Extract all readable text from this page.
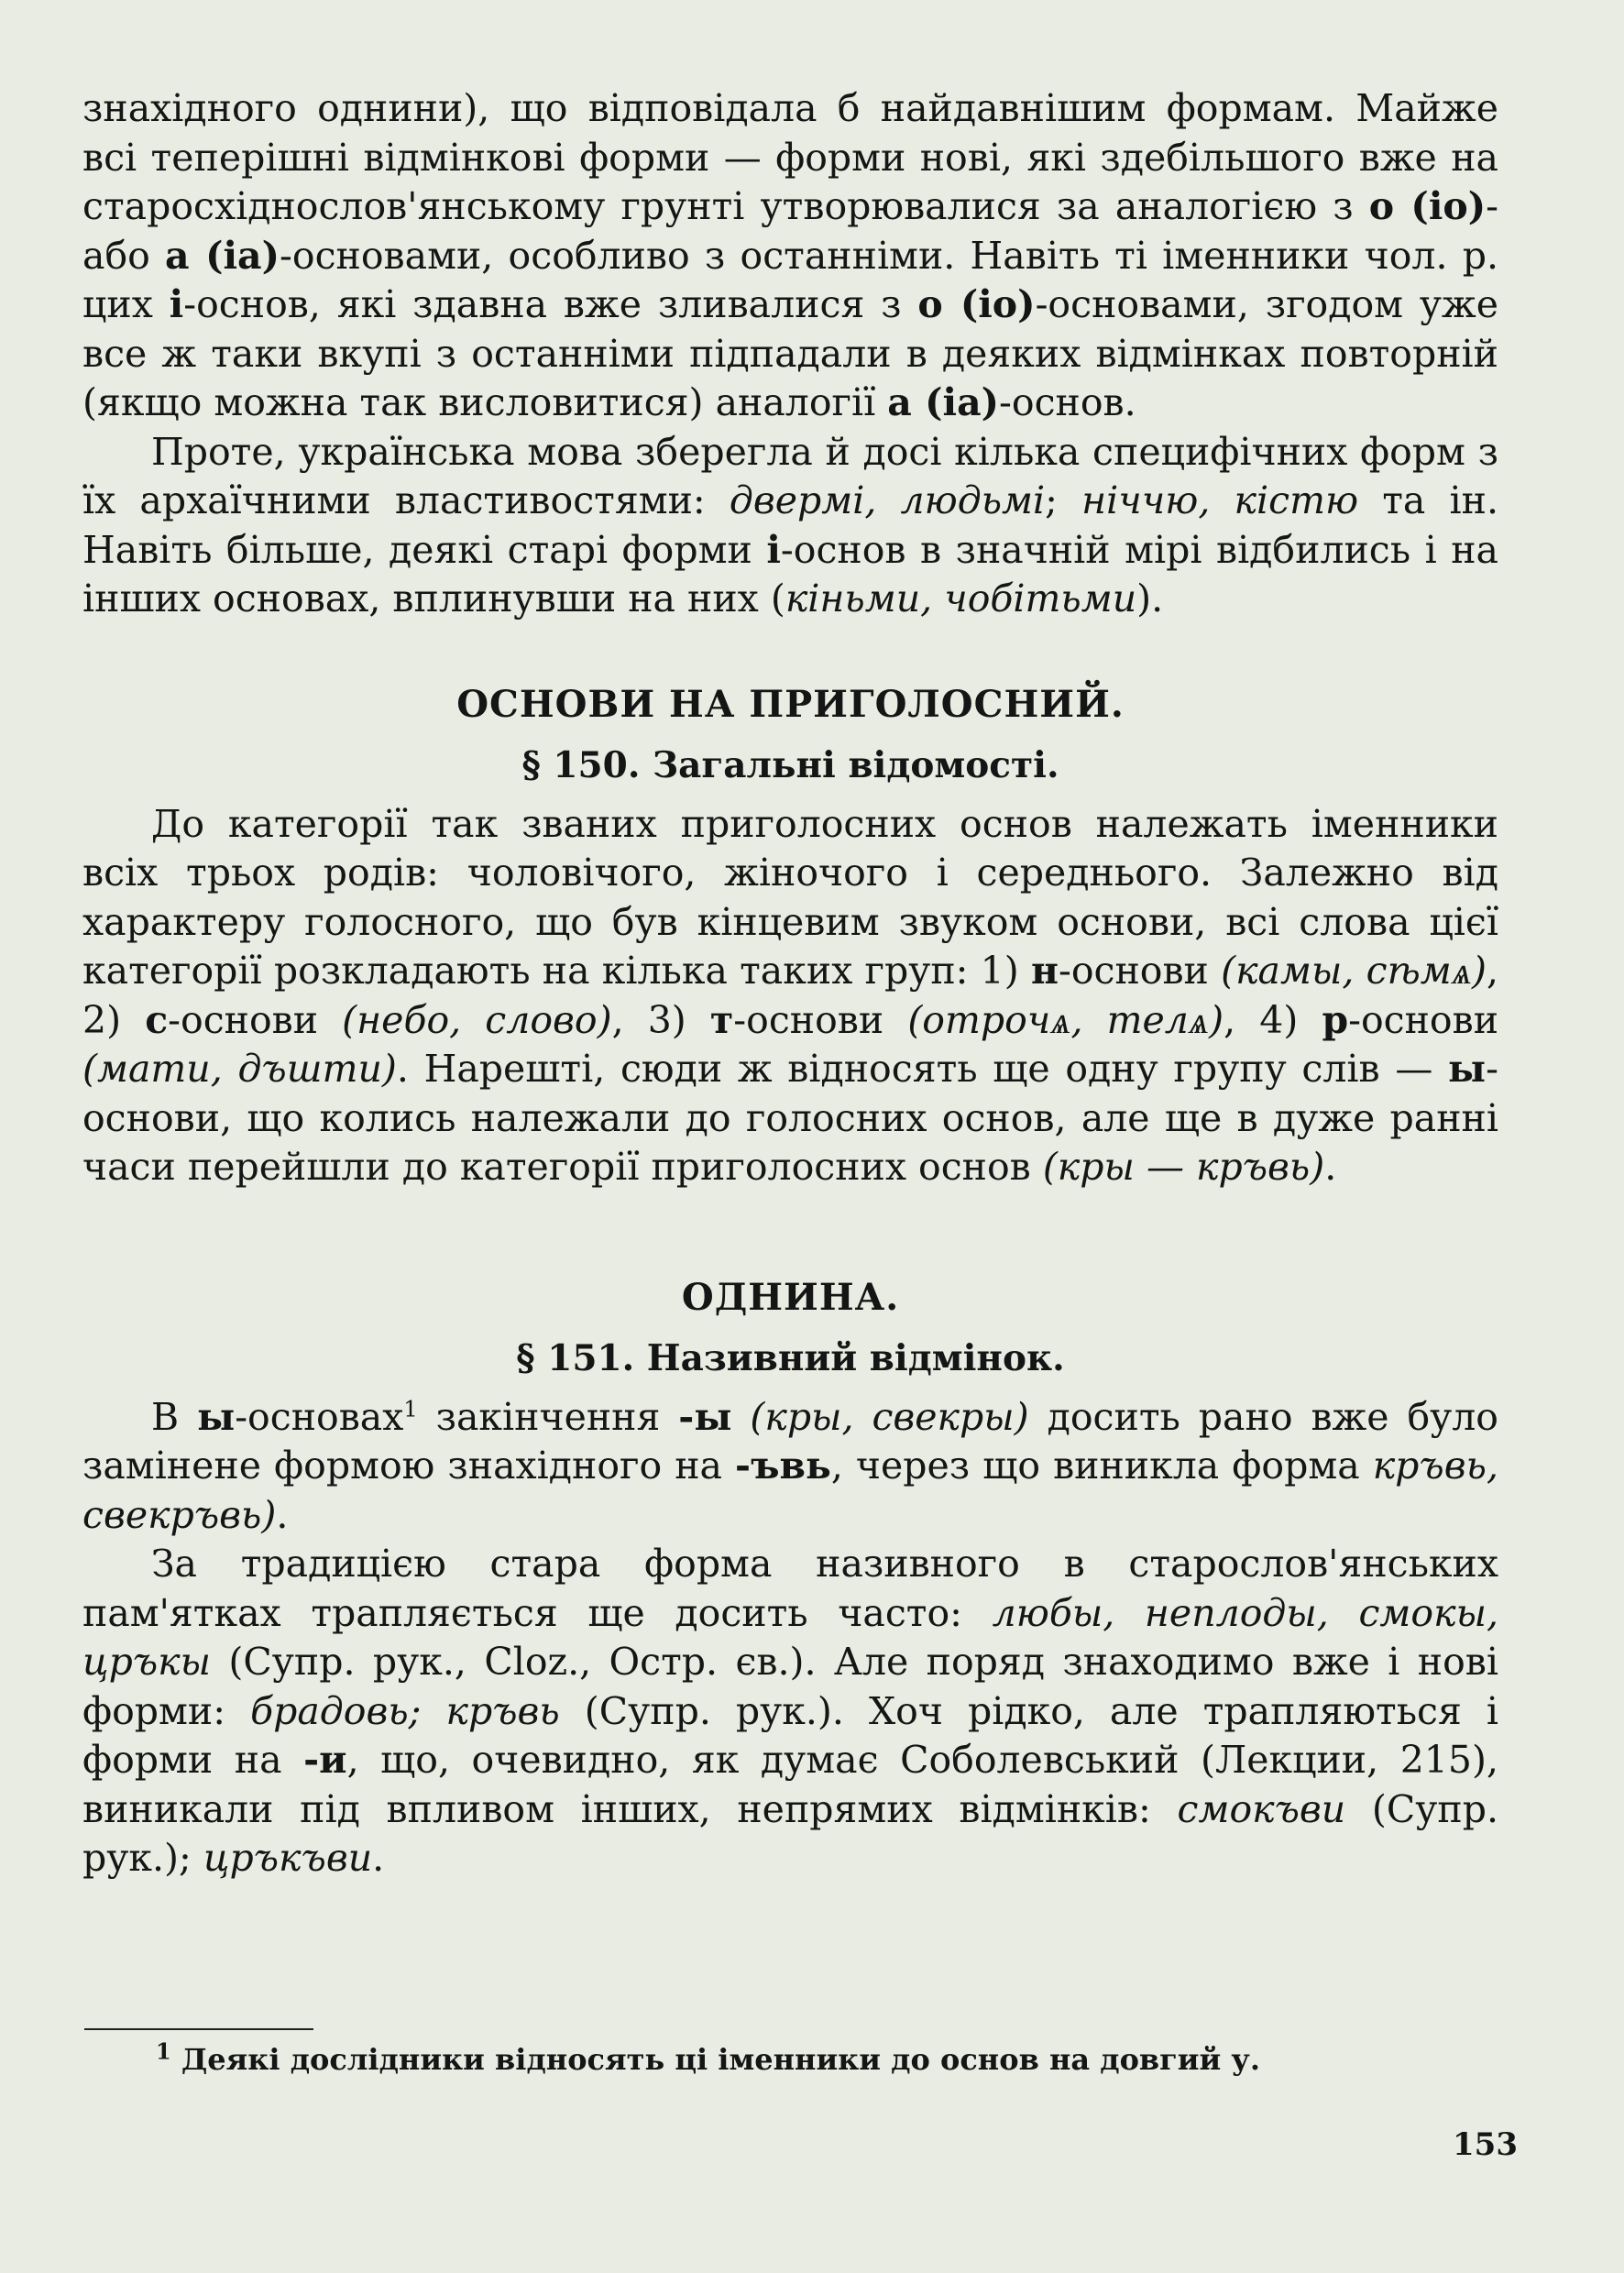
знахідного однини), що відповідала б найдавнішим формам. Майже всі теперішні відмінкові форми — форми нові, які здебільшого вже на старосхіднослов'янському грунті утворювалися за аналогією з о (іо)- або а (іа)-основами, особливо з останніми. Навіть ті іменники чол. р. цих і-основ, які здавна вже зливалися з о (іо)-основами, згодом уже все ж таки вкупі з останніми підпадали в деяких відмінках повторній (якщо можна так висловитися) аналогії а (іа)-основ.

Проте, українська мова зберегла й досі кілька специфічних форм з їх архаїчними властивостями: двермі, людьмі; ніччю, кістю та ін. Навіть більше, деякі старі форми і-основ в значній мірі відбились і на інших основах, вплинувши на них (кіньми, чобітьми).

ОСНОВИ НА ПРИГОЛОСНИЙ.
§ 150. Загальні відомості.

До категорії так званих приголосних основ належать іменники всіх трьох родів: чоловічого, жіночого і середнього. Залежно від характеру голосного, що був кінцевим звуком основи, всі слова цієї категорії розкладають на кілька таких груп: 1) н-основи (камы, сѣмѧ), 2) с-основи (небо, слово), 3) т-основи (отрочѧ, телѧ), 4) р-основи (мати, дъшти). Нарешті, сюди ж відносять ще одну групу слів — ы-основи, що колись належали до голосних основ, але ще в дуже ранні часи перейшли до категорії приголосних основ (кры — кръвь).

ОДНИНА.
§ 151. Називний відмінок.

В ы-основах$^1$ закінчення -ы (кры, свекры) досить рано вже було замінене формою знахідного на -ъвь, через що виникла форма кръвь, свекръвь).

За традицією стара форма називного в старослов'янських пам'ятках трапляється ще досить часто: любы, неплоды, смокы, цръкы (Супр. рук., Cloz., Остр. єв.). Але поряд знаходимо вже і нові форми: брадовь; кръвь (Супр. рук.). Хоч рідко, але трапляються і форми на -и, що, очевидно, як думає Соболевський (Лекции, 215), виникали під впливом інших, непрямих відмінків: смокъви (Супр. рук.); цръкъви.

$^1$ Деякі дослідники відносять ці іменники до основ на довгий у.
153
